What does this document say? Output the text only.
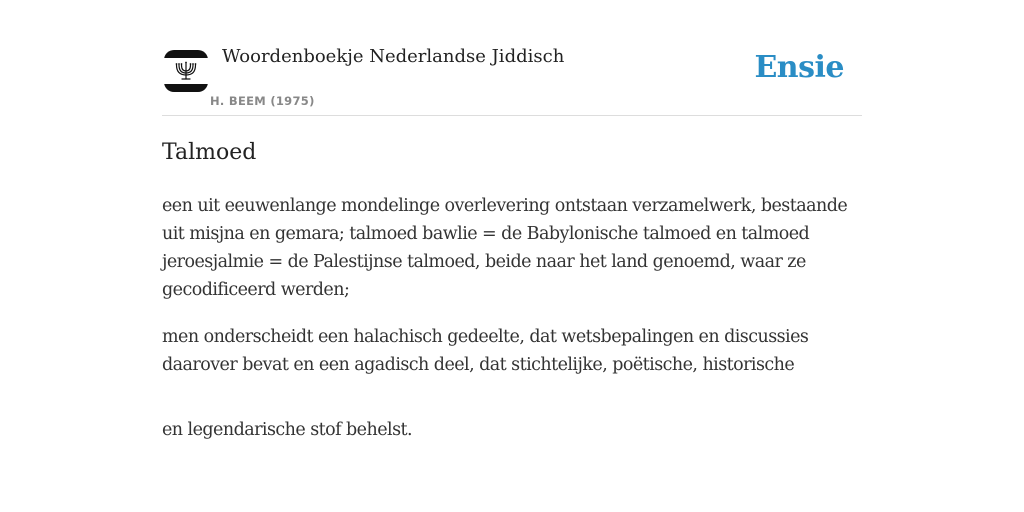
Woordenboekje Nederlandse Jiddisch
H. BEEM (1975)
Ensie
Talmoed

een uit eeuwenlange mondelinge overlevering ontstaan verzamelwerk, bestaande uit misjna en gemara; talmoed bawlie = de Babylonische talmoed en talmoed jeroesjalmie = de Palestijnse talmoed, beide naar het land genoemd, waar ze gecodificeerd werden;

men onderscheidt een halachisch gedeelte, dat wetsbepalingen en discussies daarover bevat en een agadisch deel, dat stichtelijke, poëtische, historische

en legendarische stof behelst.
